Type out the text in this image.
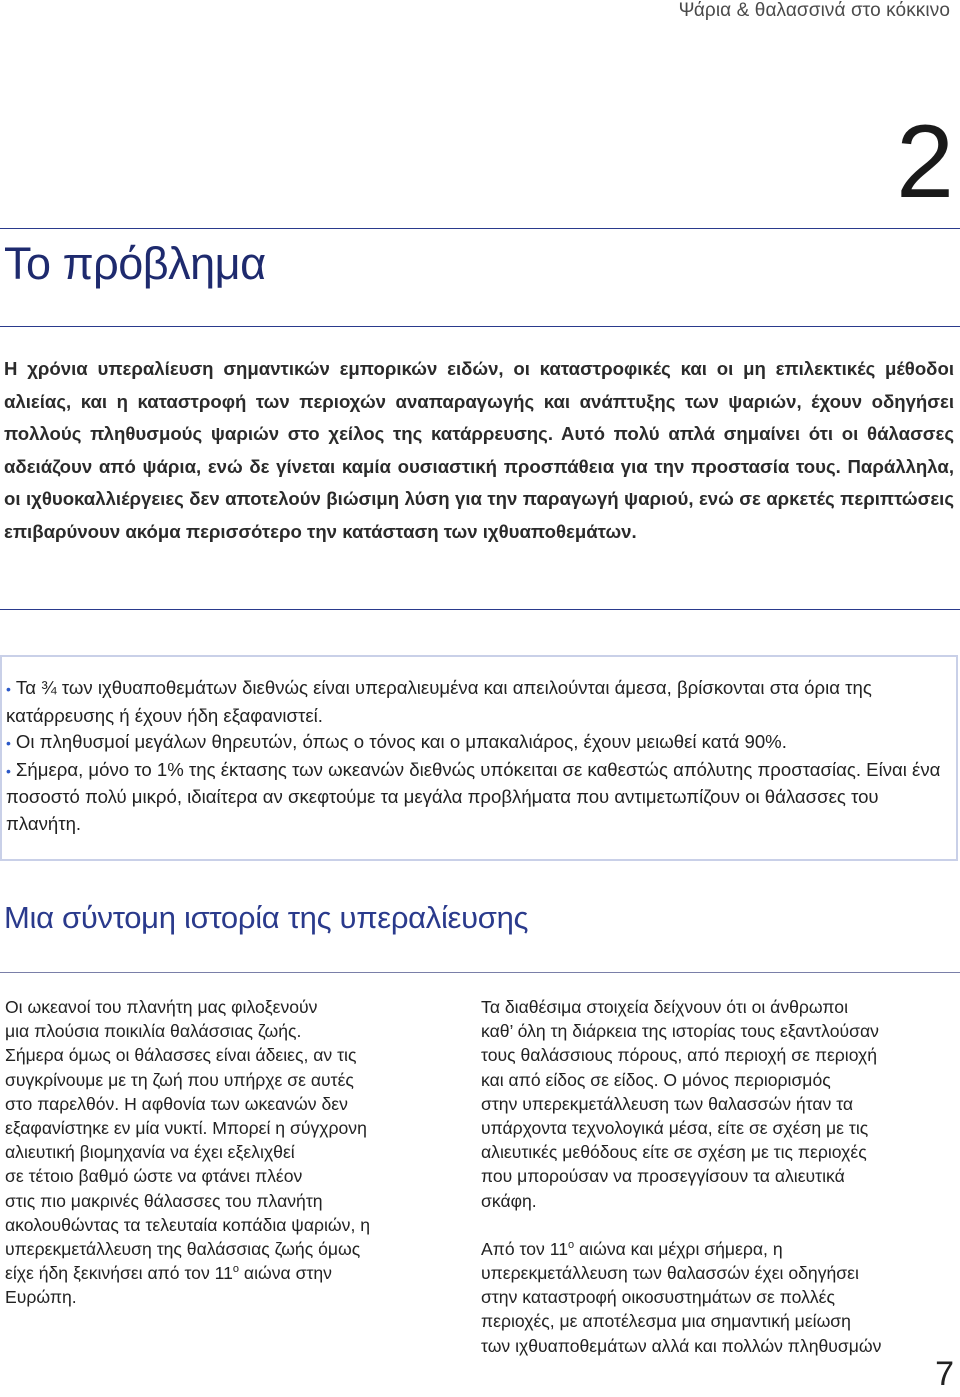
Ψάρια & θαλασσινά στο κόκκινο
2
Το πρόβλημα

Η χρόνια υπεραλίευση σημαντικών εμπορικών ειδών, οι καταστροφικές και οι μη επιλεκτικές μέθοδοι αλιείας, και η καταστροφή των περιοχών αναπαραγωγής και ανάπτυξης των ψαριών, έχουν οδηγήσει πολλούς πληθυσμούς ψαριών στο χείλος της κατάρρευσης. Αυτό πολύ απλά σημαίνει ότι οι θάλασσες αδειάζουν από ψάρια, ενώ δε γίνεται καμία ουσιαστική προσπάθεια για την προστασία τους. Παράλληλα, οι ιχθυοκαλλιέργειες δεν αποτελούν βιώσιμη λύση για την παραγωγή ψαριού, ενώ σε αρκετές περιπτώσεις επιβαρύνουν ακόμα περισσότερο την κατάσταση των ιχθυαποθεμάτων.

• Τα ¾ των ιχθυαποθεμάτων διεθνώς είναι υπεραλιευμένα και απειλούνται άμεσα, βρίσκονται στα όρια της κατάρρευσης ή έχουν ήδη εξαφανιστεί.

• Οι πληθυσμοί μεγάλων θηρευτών, όπως ο τόνος και ο μπακαλιάρος, έχουν μειωθεί κατά 90%.

• Σήμερα, μόνο το 1% της έκτασης των ωκεανών διεθνώς υπόκειται σε καθεστώς απόλυτης προστασίας. Είναι ένα ποσοστό πολύ μικρό, ιδιαίτερα αν σκεφτούμε τα μεγάλα προβλήματα που αντιμετωπίζουν οι θάλασσες του πλανήτη.

Μια σύντομη ιστορία της υπεραλίευσης

Οι ωκεανοί του πλανήτη μας φιλοξενούν

μια πλούσια ποικιλία θαλάσσιας ζωής.

Σήμερα όμως οι θάλασσες είναι άδειες, αν τις

συγκρίνουμε με τη ζωή που υπήρχε σε αυτές

στο παρελθόν. Η αφθονία των ωκεανών δεν

εξαφανίστηκε εν μία νυκτί. Μπορεί η σύγχρονη

αλιευτική βιομηχανία να έχει εξελιχθεί

σε τέτοιο βαθμό ώστε να φτάνει πλέον

στις πιο μακρινές θάλασσες του πλανήτη

ακολουθώντας τα τελευταία κοπάδια ψαριών, η

υπερεκμετάλλευση της θαλάσσιας ζωής όμως

είχε ήδη ξεκινήσει από τον $11^o$ αιώνα στην

Ευρώπη.

Τα διαθέσιμα στοιχεία δείχνουν ότι οι άνθρωποι

καθ’ όλη τη διάρκεια της ιστορίας τους εξαντλούσαν

τους θαλάσσιους πόρους, από περιοχή σε περιοχή

και από είδος σε είδος. Ο μόνος περιορισμός

στην υπερεκμετάλλευση των θαλασσών ήταν τα

υπάρχοντα τεχνολογικά μέσα, είτε σε σχέση με τις

αλιευτικές μεθόδους είτε σε σχέση με τις περιοχές

που μπορούσαν να προσεγγίσουν τα αλιευτικά

σκάφη.

Από τον $11^o$ αιώνα και μέχρι σήμερα, η

υπερεκμετάλλευση των θαλασσών έχει οδηγήσει

στην καταστροφή οικοσυστημάτων σε πολλές

περιοχές, με αποτέλεσμα μια σημαντική μείωση

των ιχθυαποθεμάτων αλλά και πολλών πληθυσμών

7
